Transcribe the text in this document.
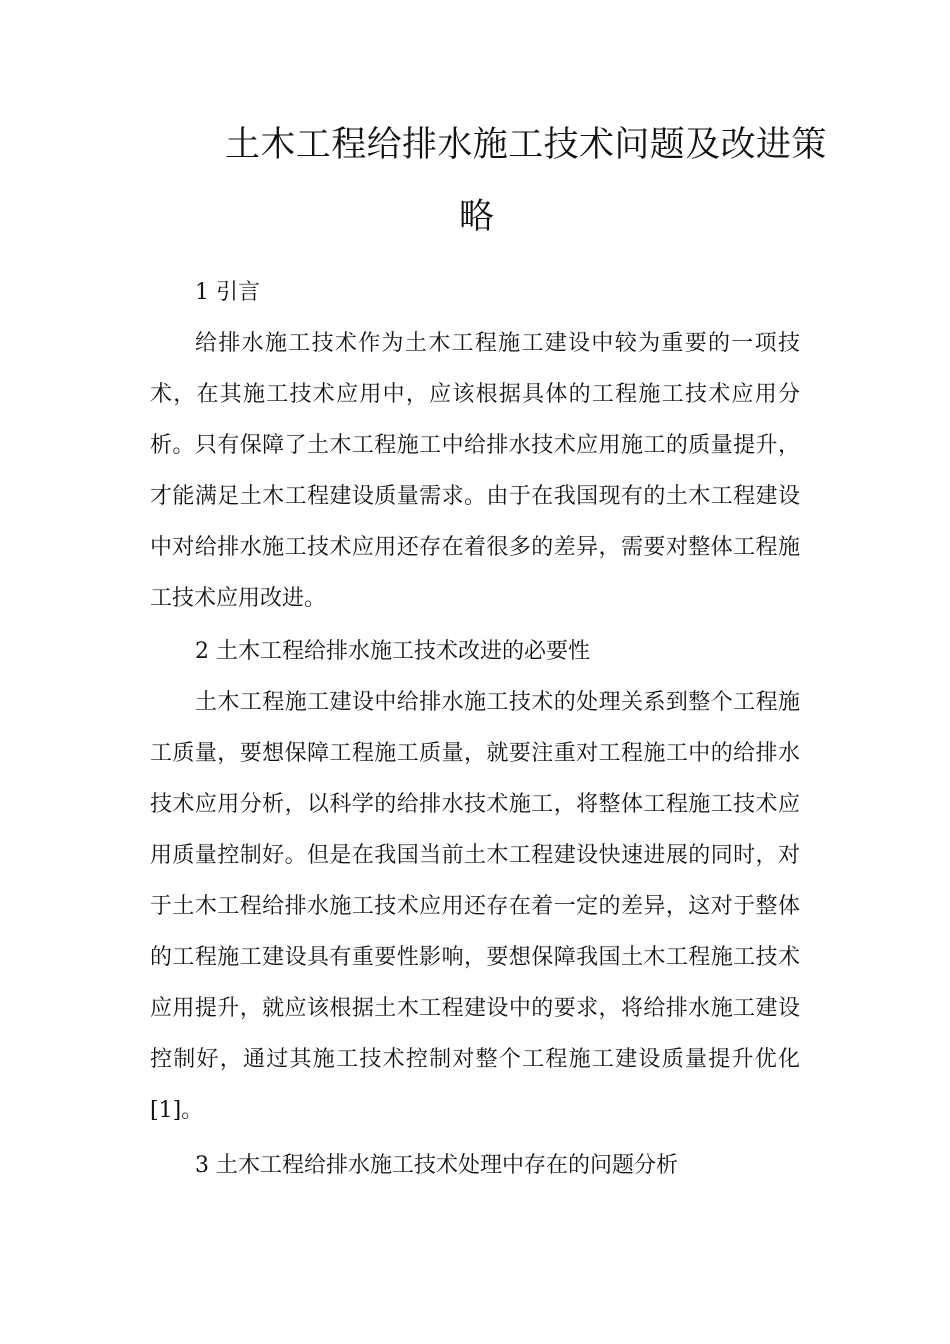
土木工程给排水施工技术问题及改进策
略
1 引言
给排水施工技术作为土木工程施工建设中较为重要的一项技术，在其施工技术应用中，应该根据具体的工程施工技术应用分析。只有保障了土木工程施工中给排水技术应用施工的质量提升，才能满足土木工程建设质量需求。由于在我国现有的土木工程建设中对给排水施工技术应用还存在着很多的差异，需要对整体工程施工技术应用改进。
2 土木工程给排水施工技术改进的必要性
土木工程施工建设中给排水施工技术的处理关系到整个工程施工质量，要想保障工程施工质量，就要注重对工程施工中的给排水技术应用分析，以科学的给排水技术施工，将整体工程施工技术应用质量控制好。但是在我国当前土木工程建设快速进展的同时，对于土木工程给排水施工技术应用还存在着一定的差异，这对于整体的工程施工建设具有重要性影响，要想保障我国土木工程施工技术应用提升，就应该根据土木工程建设中的要求，将给排水施工建设控制好，通过其施工技术控制对整个工程施工建设质量提升优化[1]。
3 土木工程给排水施工技术处理中存在的问题分析
